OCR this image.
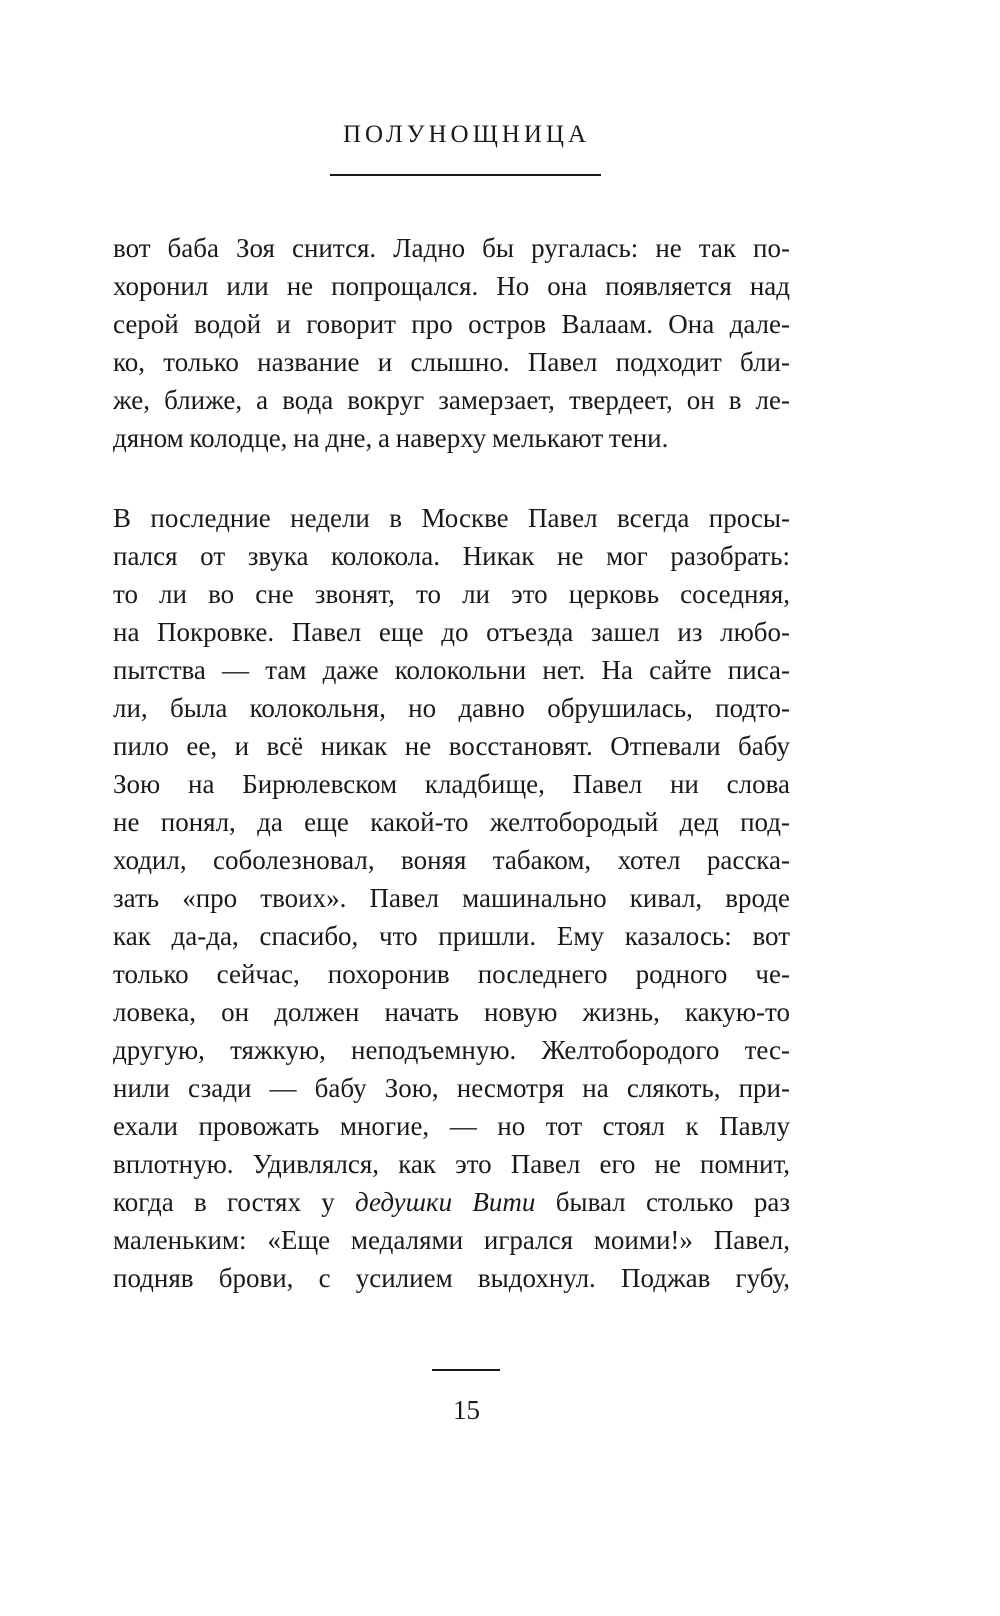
ПОЛУНОЩНИЦА
вот баба Зоя снится. Ладно бы ругалась: не так по-
хоронил или не попрощался. Но она появляется над
серой водой и говорит про остров Валаам. Она дале-
ко, только название и слышно. Павел подходит бли-
же, ближе, а вода вокруг замерзает, твердеет, он в ле-
дяном колодце, на дне, а наверху мелькают тени.
В последние недели в Москве Павел всегда просы-
пался от звука колокола. Никак не мог разобрать:
то ли во сне звонят, то ли это церковь соседняя,
на Покровке. Павел еще до отъезда зашел из любо-
пытства — там даже колокольни нет. На сайте писа-
ли, была колокольня, но давно обрушилась, подто-
пило ее, и всё никак не восстановят. Отпевали бабу
Зою на Бирюлевском кладбище, Павел ни слова
не понял, да еще какой-то желтобородый дед под-
ходил, соболезновал, воняя табаком, хотел расска-
зать «про твоих». Павел машинально кивал, вроде
как да-да, спасибо, что пришли. Ему казалось: вот
только сейчас, похоронив последнего родного че-
ловека, он должен начать новую жизнь, какую-то
другую, тяжкую, неподъемную. Желтобородого тес-
нили сзади — бабу Зою, несмотря на слякоть, при-
ехали провожать многие, — но тот стоял к Павлу
вплотную. Удивлялся, как это Павел его не помнит,
когда в гостях у дедушки Вити бывал столько раз
маленьким: «Еще медалями игрался моими!» Павел,
подняв брови, с усилием выдохнул. Поджав губу,
15
